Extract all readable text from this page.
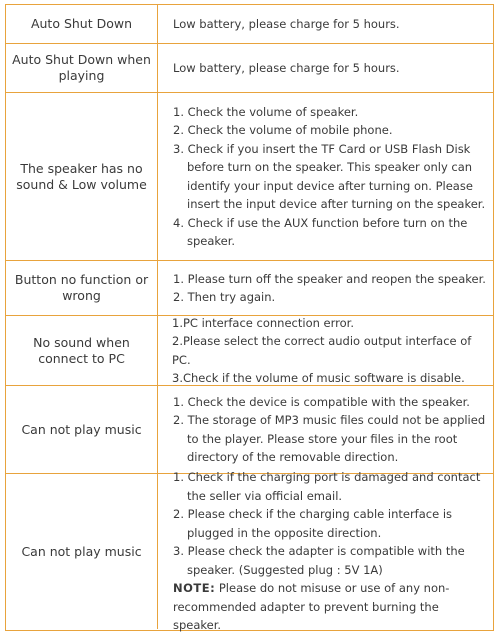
Auto Shut Down	Low battery, please charge for 5 hours.
Auto Shut Down when playing
Low battery, please charge for 5 hours.
The speaker has no sound & Low volume
1. Check the volume of speaker.
2. Check the volume of mobile phone.
3. Check if you insert the TF Card or USB Flash Disk before turn on the speaker. This speaker only can identify your input device after turning on. Please insert the input device after turning on the speaker.
4. Check if use the AUX function before turn on the speaker.
Button no function or wrong
1. Please turn off the speaker and reopen the speaker.
2. Then try again.
No sound when connect to PC
1.PC interface connection error.
2.Please select the correct audio output interface of PC.
3.Check if the volume of music software is disable.
Can not play music
1. Check the device is compatible with the speaker.
2. The storage of MP3 music files could not be applied to the player. Please store your files in the root directory of the removable direction.
Can not play music
1. Check if the charging port is damaged and contact the seller via official email.
2. Please check if the charging cable interface is plugged in the opposite direction.
3. Please check the adapter is compatible with the speaker. (Suggested plug : 5V 1A)
NOTE: Please do not misuse or use of any non-recommended adapter to prevent burning the speaker.
